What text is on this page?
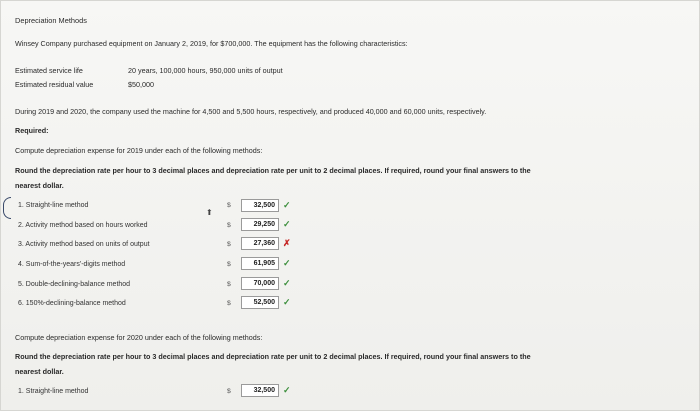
Depreciation Methods
Winsey Company purchased equipment on January 2, 2019, for $700,000. The equipment has the following characteristics:
Estimated service life	20 years, 100,000 hours, 950,000 units of output
Estimated residual value	$50,000
During 2019 and 2020, the company used the machine for 4,500 and 5,500 hours, respectively, and produced 40,000 and 60,000 units, respectively.
Required:
Compute depreciation expense for 2019 under each of the following methods:
Round the depreciation rate per hour to 3 decimal places and depreciation rate per unit to 2 decimal places. If required, round your final answers to the
nearest dollar.
⬆
1. Straight-line method	$	32,500 ✓
2. Activity method based on hours worked	$	29,250 ✓
3. Activity method based on units of output	$	27,360 ✗
4. Sum-of-the-years'-digits method	$	61,905 ✓
5. Double-declining-balance method	$	70,000 ✓
6. 150%-declining-balance method	$	52,500 ✓
Compute depreciation expense for 2020 under each of the following methods:
Round the depreciation rate per hour to 3 decimal places and depreciation rate per unit to 2 decimal places. If required, round your final answers to the
nearest dollar.
1. Straight-line method	$	32,500 ✓
